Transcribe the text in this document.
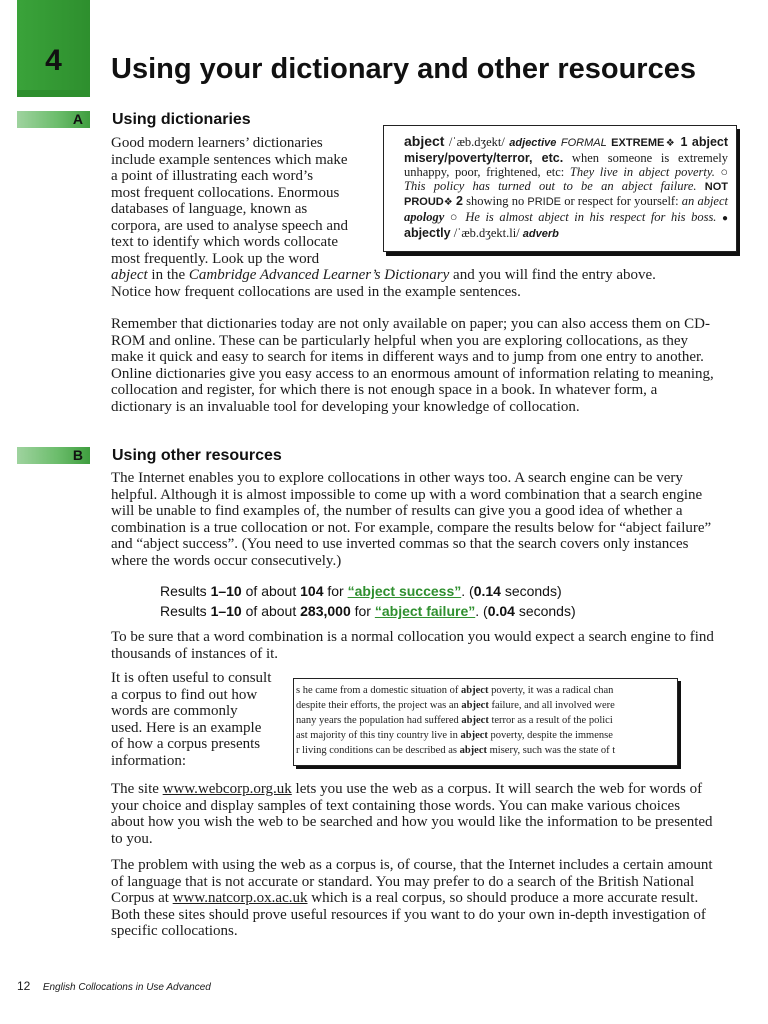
4	Using your dictionary and other resources
A Using dictionaries
Good modern learners’ dictionaries
include example sentences which make
a point of illustrating each word’s
most frequent collocations. Enormous
databases of language, known as
corpora, are used to analyse speech and
text to identify which words collocate
most frequently. Look up the word
abject in the Cambridge Advanced Learner’s Dictionary and you will find the entry above.
Notice how frequent collocations are used in the example sentences.
abject /ˈæb.dʒekt/ adjective FORMAL EXTREME❖ 1 abject misery/poverty/terror, etc. when someone is extremely unhappy, poor, frightened, etc: They live in abject poverty. ○ This policy has turned out to be an abject failure. NOT PROUD❖ 2 showing no PRIDE or respect for yourself: an abject apology ○ He is almost abject in his respect for his boss. ● abjectly /ˈæb.dʒekt.li/ adverb

Remember that dictionaries today are not only available on paper; you can also access them on CD-ROM and online. These can be particularly helpful when you are exploring collocations, as they make it quick and easy to search for items in different ways and to jump from one entry to another. Online dictionaries give you easy access to an enormous amount of information relating to meaning, collocation and register, for which there is not enough space in a book. In whatever form, a dictionary is an invaluable tool for developing your knowledge of collocation.

B Using other resources

The Internet enables you to explore collocations in other ways too. A search engine can be very helpful. Although it is almost impossible to come up with a word combination that a search engine will be unable to find examples of, the number of results can give you a good idea of whether a combination is a true collocation or not. For example, compare the results below for “abject failure” and “abject success”. (You need to use inverted commas so that the search covers only instances where the words occur consecutively.)

Results 1–10 of about 104 for “abject success”. (0.14 seconds)
Results 1–10 of about 283,000 for “abject failure”. (0.04 seconds)

To be sure that a word combination is a normal collocation you would expect a search engine to find thousands of instances of it.

It is often useful to consult
a corpus to find out how
words are commonly
used. Here is an example
of how a corpus presents
information:
s he came from a domestic situation of abject poverty, it was a radical chan
despite their efforts, the project was an abject failure, and all involved were
nany years the population had suffered abject terror as a result of the polici
ast majority of this tiny country live in abject poverty, despite the immense
r living conditions can be described as abject misery, such was the state of t

The site www.webcorp.org.uk lets you use the web as a corpus. It will search the web for words of your choice and display samples of text containing those words. You can make various choices about how you wish the web to be searched and how you would like the information to be presented to you.

The problem with using the web as a corpus is, of course, that the Internet includes a certain amount of language that is not accurate or standard. You may prefer to do a search of the British National Corpus at www.natcorp.ox.ac.uk which is a real corpus, so should produce a more accurate result. Both these sites should prove useful resources if you want to do your own in-depth investigation of specific collocations.

12 English Collocations in Use Advanced
